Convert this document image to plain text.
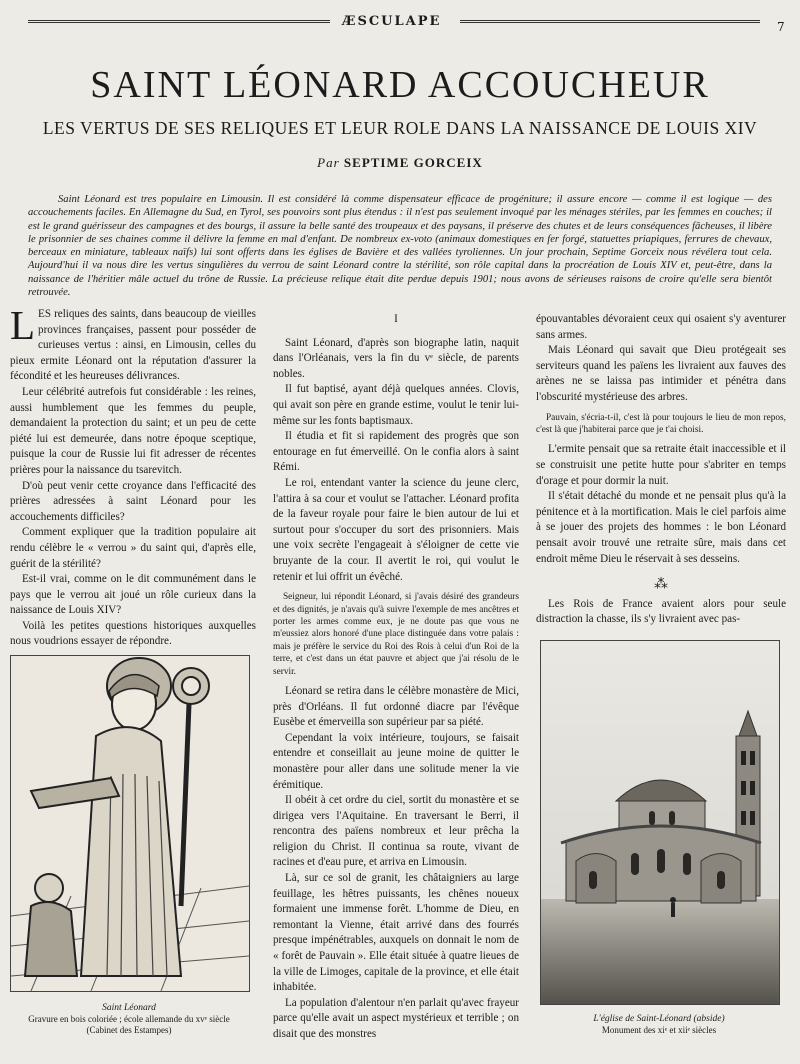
ÆSCULAPE	7
SAINT LÉONARD ACCOUCHEUR
LES VERTUS DE SES RELIQUES ET LEUR ROLE DANS LA NAISSANCE DE LOUIS XIV
Par SEPTIME GORCEIX
Saint Léonard est tres populaire en Limousin. Il est considéré là comme dispensateur efficace de progéniture; il assure encore — comme il est logique — des accouchements faciles. En Allemagne du Sud, en Tyrol, ses pouvoirs sont plus étendus : il n'est pas seulement invoqué par les ménages stériles, par les femmes en couches; il est le grand guérisseur des campagnes et des bourgs, il assure la belle santé des troupeaux et des paysans, il préserve des chutes et de leurs conséquences fâcheuses, il libère le prisonnier de ses chaines comme il délivre la femme en mal d'enfant. De nombreux ex-voto (animaux domestiques en fer forgé, statuettes priapiques, ferrures de chevaux, berceaux en miniature, tableaux naïfs) lui sont offerts dans les églises de Bavière et des vallées tyroliennes. Un jour prochain, Septime Gorceix nous révélera tout cela. Aujourd'hui il va nous dire les vertus singulières du verrou de saint Léonard contre la stérilité, son rôle capital dans la procréation de Louis XIV et, peut-être, dans la naissance de l'héritier mâle actuel du trône de Russie. La précieuse relique était dite perdue depuis 1901; nous avons de sérieuses raisons de croire qu'elle sera bientôt retrouvée.

LES reliques des saints, dans beaucoup de vieilles provinces françaises, passent pour posséder de curieuses vertus : ainsi, en Limousin, celles du pieux ermite Léonard ont la réputation d'assurer la fécondité et les heureuses délivrances.

Leur célébrité autrefois fut considérable : les reines, aussi humblement que les femmes du peuple, demandaient la protection du saint; et un peu de cette piété lui est demeurée, dans notre époque sceptique, puisque la cour de Russie lui fit adresser de récentes prières pour la naissance du tsarevitch.

D'où peut venir cette croyance dans l'efficacité des prières adressées à saint Léonard pour les accouchements difficiles?

Comment expliquer que la tradition populaire ait rendu célèbre le « verrou » du saint qui, d'après elle, guérit de la stérilité?

Est-il vrai, comme on le dit communément dans le pays que le verrou ait joué un rôle curieux dans la naissance de Louis XIV?

Voilà les petites questions historiques auxquelles nous voudrions essayer de répondre.

Saint Léonard
Gravure en bois coloriée ; école allemande du xvᵉ siècle
(Cabinet des Estampes)

I

Saint Léonard, d'après son biographe latin, naquit dans l'Orléanais, vers la fin du vᵉ siècle, de parents nobles.

Il fut baptisé, ayant déjà quelques années. Clovis, qui avait son père en grande estime, voulut le tenir lui-même sur les fonts baptismaux.

Il étudia et fit si rapidement des progrès que son entourage en fut émerveillé. On le confia alors à saint Rémi.

Le roi, entendant vanter la science du jeune clerc, l'attira à sa cour et voulut se l'attacher. Léonard profita de la faveur royale pour faire le bien autour de lui et surtout pour s'occuper du sort des prisonniers. Mais une voix secrète l'engageait à s'éloigner de cette vie bruyante de la cour. Il avertit le roi, qui voulut le retenir et lui offrit un évêché.

Seigneur, lui répondit Léonard, si j'avais désiré des grandeurs et des dignités, je n'avais qu'à suivre l'exemple de mes ancêtres et porter les armes comme eux, je ne doute pas que vous ne m'eussiez alors honoré d'une place distinguée dans votre palais : mais je préfère le service du Roi des Rois à celui d'un Roi de la terre, et c'est dans un état pauvre et abject que j'ai résolu de le servir.

Léonard se retira dans le célèbre monastère de Mici, près d'Orléans. Il fut ordonné diacre par l'évêque Eusèbe et émerveilla son supérieur par sa piété.

Cependant la voix intérieure, toujours, se faisait entendre et conseillait au jeune moine de quitter le monastère pour aller dans une solitude mener la vie érémitique.

Il obéit à cet ordre du ciel, sortit du monastère et se dirigea vers l'Aquitaine. En traversant le Berri, il rencontra des païens nombreux et leur prêcha la religion du Christ. Il continua sa route, vivant de racines et d'eau pure, et arriva en Limousin.

Là, sur ce sol de granit, les châtaigniers au large feuillage, les hêtres puissants, les chênes noueux formaient une immense forêt. L'homme de Dieu, en remontant la Vienne, était arrivé dans des fourrés presque impénétrables, auxquels on donnait le nom de « forêt de Pauvain ». Elle était située à quatre lieues de la ville de Limoges, capitale de la province, et elle était inhabitée.

La population d'alentour n'en parlait qu'avec frayeur parce qu'elle avait un aspect mystérieux et terrible ; on disait que des monstres

épouvantables dévoraient ceux qui osaient s'y aventurer sans armes.

Mais Léonard qui savait que Dieu protégeait ses serviteurs quand les païens les livraient aux fauves des arènes ne se laissa pas intimider et pénétra dans l'obscurité mystérieuse des arbres.

Pauvain, s'écria-t-il, c'est là pour toujours le lieu de mon repos, c'est là que j'habiterai parce que je t'ai choisi.

L'ermite pensait que sa retraite était inaccessible et il se construisit une petite hutte pour s'abriter en temps d'orage et pour dormir la nuit.

Il s'était détaché du monde et ne pensait plus qu'à la pénitence et à la mortification. Mais le ciel parfois aime à se jouer des projets des hommes : le bon Léonard pensait avoir trouvé une retraite sûre, mais dans cet endroit même Dieu le réservait à ses desseins.

⁂

Les Rois de France avaient alors pour seule distraction la chasse, ils s'y livraient avec pas-

L'église de Saint-Léonard (abside)
Monument des xiᵉ et xiiᵉ siècles
